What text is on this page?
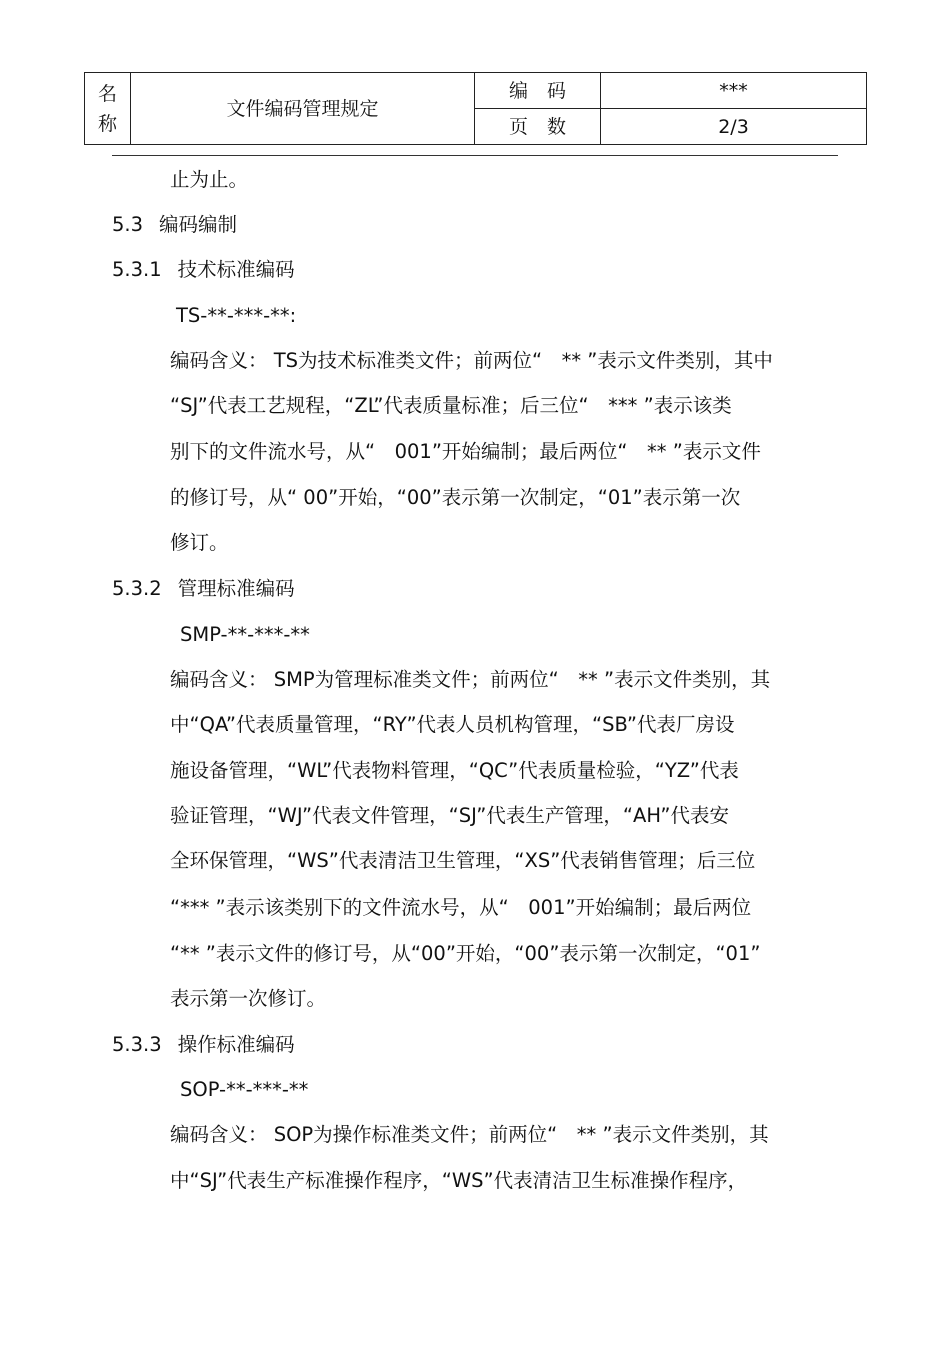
名称	文件编码管理规定	编　码	***
		页　数	2/3
止为止。
5.3 编码编制
5.3.1 技术标准编码
TS-**-***-**:
编码含义： TS为技术标准类文件；前两位“　** ”表示文件类别，其中
“SJ”代表工艺规程，“ZL”代表质量标准；后三位“　*** ”表示该类
别下的文件流水号，从“　001”开始编制；最后两位“　** ”表示文件
的修订号，从“ 00”开始，“00”表示第一次制定，“01”表示第一次
修订。
5.3.2 管理标准编码
SMP-**-***-**
编码含义： SMP为管理标准类文件；前两位“　** ”表示文件类别，其
中“QA”代表质量管理，“RY”代表人员机构管理，“SB”代表厂房设
施设备管理，“WL”代表物料管理，“QC”代表质量检验，“YZ”代表
验证管理，“WJ”代表文件管理，“SJ”代表生产管理，“AH”代表安
全环保管理，“WS”代表清洁卫生管理，“XS”代表销售管理；后三位
“*** ”表示该类别下的文件流水号，从“　001”开始编制；最后两位
“** ”表示文件的修订号，从“00”开始，“00”表示第一次制定，“01”
表示第一次修订。
5.3.3 操作标准编码
SOP-**-***-**
编码含义： SOP为操作标准类文件；前两位“　** ”表示文件类别，其
中“SJ”代表生产标准操作程序，“WS”代表清洁卫生标准操作程序，
